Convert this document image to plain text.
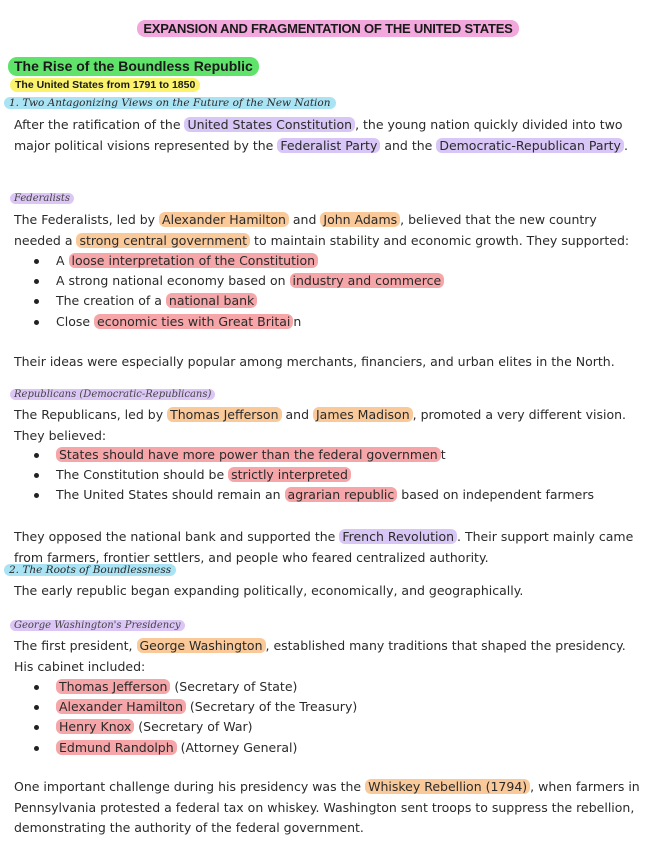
EXPANSION AND FRAGMENTATION OF THE UNITED STATES
The Rise of the Boundless Republic
The United States from 1791 to 1850
1. Two Antagonizing Views on the Future of the New Nation

After the ratification of the United States Constitution , the young nation quickly divided into two major political visions represented by the Federalist Party and the Democratic-Republican Party .

Federalists

The Federalists, led by Alexander Hamilton and John Adams , believed that the new country needed a strong central government to maintain stability and economic growth. They supported:

A loose interpretation of the Constitution
A strong national economy based on industry and commerce
The creation of a national bank
Close economic ties with Great Britai n

Their ideas were especially popular among merchants, financiers, and urban elites in the North.

Republicans (Democratic-Republicans)

The Republicans, led by Thomas Jefferson and James Madison , promoted a very different vision. They believed:

States should have more power than the federal governmen t
The Constitution should be strictly interpreted
The United States should remain an agrarian republic based on independent farmers

They opposed the national bank and supported the French Revolution . Their support mainly came from farmers, frontier settlers, and people who feared centralized authority.

2. The Roots of Boundlessness

The early republic began expanding politically, economically, and geographically.

George Washington's Presidency

The first president, George Washington , established many traditions that shaped the presidency. His cabinet included:

Thomas Jefferson (Secretary of State)
Alexander Hamilton (Secretary of the Treasury)
Henry Knox (Secretary of War)
Edmund Randolph (Attorney General)

One important challenge during his presidency was the Whiskey Rebellion (1794) , when farmers in Pennsylvania protested a federal tax on whiskey. Washington sent troops to suppress the rebellion, demonstrating the authority of the federal government.
